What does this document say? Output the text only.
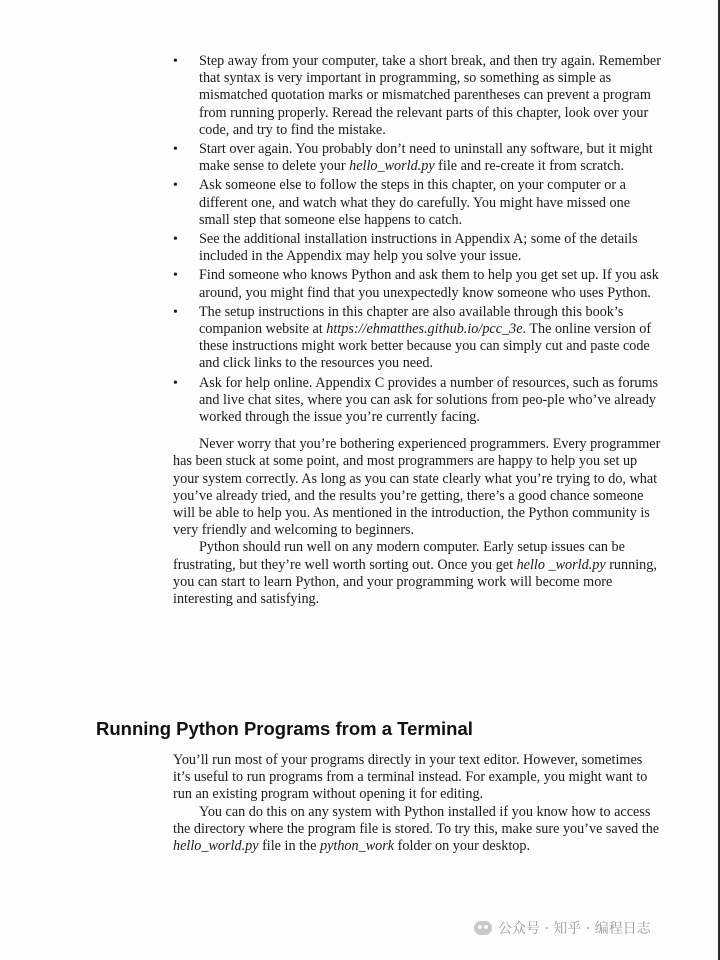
• Step away from your computer, take a short break, and then try again. Remember that syntax is very important in programming, so something as simple as mismatched quotation marks or mismatched parentheses can prevent a program from running properly. Reread the relevant parts of this chapter, look over your code, and try to find the mistake.
• Start over again. You probably don’t need to uninstall any software, but it might make sense to delete your hello_world.py file and re-create it from scratch.
• Ask someone else to follow the steps in this chapter, on your computer or a different one, and watch what they do carefully. You might have missed one small step that someone else happens to catch.
• See the additional installation instructions in Appendix A; some of the details included in the Appendix may help you solve your issue.
• Find someone who knows Python and ask them to help you get set up. If you ask around, you might find that you unexpectedly know someone who uses Python.
• The setup instructions in this chapter are also available through this book’s companion website at https://ehmatthes.github.io/pcc_3e. The online version of these instructions might work better because you can simply cut and paste code and click links to the resources you need.
• Ask for help online. Appendix C provides a number of resources, such as forums and live chat sites, where you can ask for solutions from peo-ple who’ve already worked through the issue you’re currently facing.

Never worry that you’re bothering experienced programmers. Every programmer has been stuck at some point, and most programmers are happy to help you set up your system correctly. As long as you can state clearly what you’re trying to do, what you’ve already tried, and the results you’re getting, there’s a good chance someone will be able to help you. As mentioned in the introduction, the Python community is very friendly and welcoming to beginners.

Python should run well on any modern computer. Early setup issues can be frustrating, but they’re well worth sorting out. Once you get hello _world.py running, you can start to learn Python, and your programming work will become more interesting and satisfying.

Running Python Programs from a Terminal

You’ll run most of your programs directly in your text editor. However, sometimes it’s useful to run programs from a terminal instead. For example, you might want to run an existing program without opening it for editing.

You can do this on any system with Python installed if you know how to access the directory where the program file is stored. To try this, make sure you’ve saved the hello_world.py file in the python_work folder on your desktop.

公众号 · 知乎 · 编程日志
